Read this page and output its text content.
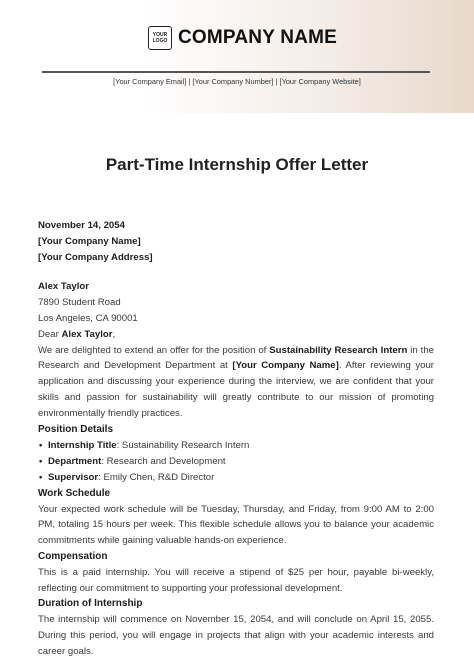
YOUR
LOGO COMPANY NAME
[Your Company Email] | [Your Company Number] | [Your Company Website]
Part-Time Internship Offer Letter

November 14, 2054

[Your Company Name]

[Your Company Address]

Alex Taylor

7890 Student Road

Los Angeles, CA 90001

Dear Alex Taylor,

We are delighted to extend an offer for the position of Sustainability Research Intern in the Research and Development Department at [Your Company Name]. After reviewing your application and discussing your experience during the interview, we are confident that your skills and passion for sustainability will greatly contribute to our mission of promoting environmentally friendly practices.

Position Details

• Internship Title: Sustainability Research Intern
• Department: Research and Development
• Supervisor: Emily Chen, R&D Director

Work Schedule

Your expected work schedule will be Tuesday, Thursday, and Friday, from 9:00 AM to 2:00 PM, totaling 15 hours per week. This flexible schedule allows you to balance your academic commitments while gaining valuable hands-on experience.

Compensation

This is a paid internship. You will receive a stipend of $25 per hour, payable bi-weekly, reflecting our commitment to supporting your professional development.

Duration of Internship

The internship will commence on November 15, 2054, and will conclude on April 15, 2055. During this period, you will engage in projects that align with your academic interests and career goals.
